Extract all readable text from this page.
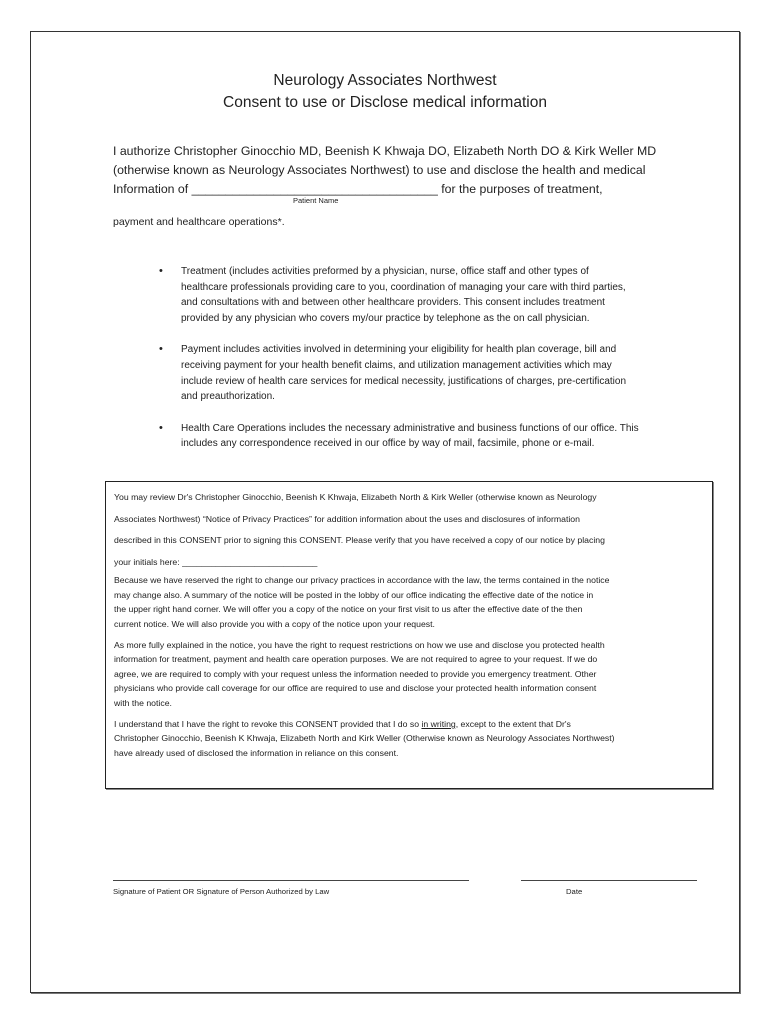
Neurology Associates Northwest
Consent to use or Disclose medical information
I authorize Christopher Ginocchio MD, Beenish K Khwaja DO, Elizabeth North DO & Kirk Weller MD
(otherwise known as Neurology Associates Northwest) to use and disclose the health and medical
Information of ____________________________________ for the purposes of treatment,
Patient Name
payment and healthcare operations*.
• Treatment (includes activities preformed by a physician, nurse, office staff and other types of
healthcare professionals providing care to you, coordination of managing your care with third parties,
and consultations with and between other healthcare providers. This consent includes treatment
provided by any physician who covers my/our practice by telephone as the on call physician.
• Payment includes activities involved in determining your eligibility for health plan coverage, bill and
receiving payment for your health benefit claims, and utilization management activities which may
include review of health care services for medical necessity, justifications of charges, pre-certification
and preauthorization.
• Health Care Operations includes the necessary administrative and business functions of our office. This
includes any correspondence received in our office by way of mail, facsimile, phone or e-mail.

You may review Dr's Christopher Ginocchio, Beenish K Khwaja, Elizabeth North & Kirk Weller (otherwise known as Neurology
Associates Northwest) “Notice of Privacy Practices” for addition information about the uses and disclosures of information
described in this CONSENT prior to signing this CONSENT. Please verify that you have received a copy of our notice by placing
your initials here: ____________________________

Because we have reserved the right to change our privacy practices in accordance with the law, the terms contained in the notice
may change also. A summary of the notice will be posted in the lobby of our office indicating the effective date of the notice in
the upper right hand corner. We will offer you a copy of the notice on your first visit to us after the effective date of the then
current notice. We will also provide you with a copy of the notice upon your request.

As more fully explained in the notice, you have the right to request restrictions on how we use and disclose you protected health
information for treatment, payment and health care operation purposes. We are not required to agree to your request. If we do
agree, we are required to comply with your request unless the information needed to provide you emergency treatment. Other
physicians who provide call coverage for our office are required to use and disclose your protected health information consent
with the notice.

I understand that I have the right to revoke this CONSENT provided that I do so in writing, except to the extent that Dr's
Christopher Ginocchio, Beenish K Khwaja, Elizabeth North and Kirk Weller (Otherwise known as Neurology Associates Northwest)
have already used of disclosed the information in reliance on this consent.

Signature of Patient OR Signature of Person Authorized by Law	Date
